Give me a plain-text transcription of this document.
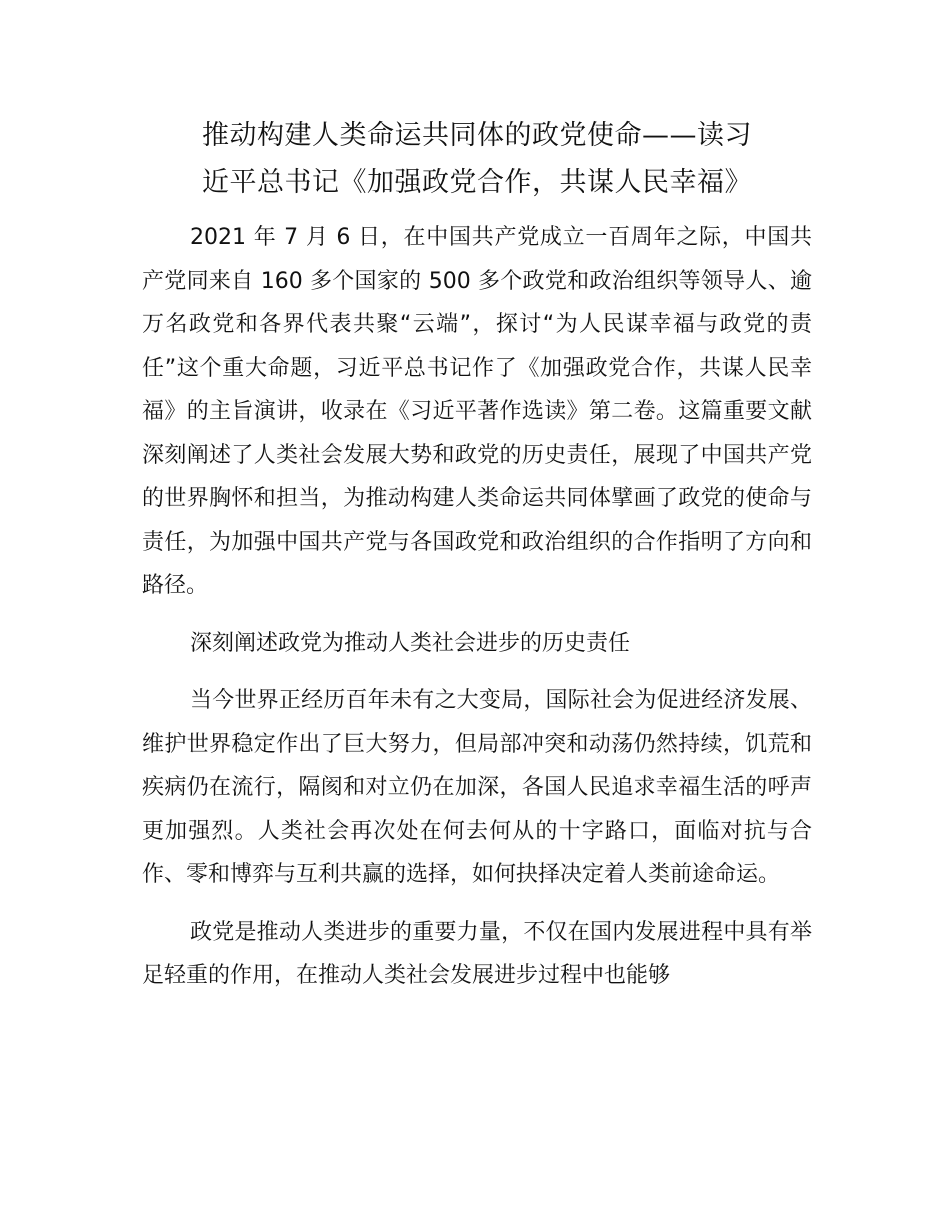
推动构建人类命运共同体的政党使命——读习
近平总书记《加强政党合作，共谋人民幸福》

2021 年 7 月 6 日，在中国共产党成立一百周年之际，中国共产党同来自 160 多个国家的 500 多个政党和政治组织等领导人、逾万名政党和各界代表共聚“云端”，探讨“为人民谋幸福与政党的责任”这个重大命题，习近平总书记作了《加强政党合作，共谋人民幸福》的主旨演讲，收录在《习近平著作选读》第二卷。这篇重要文献深刻阐述了人类社会发展大势和政党的历史责任，展现了中国共产党的世界胸怀和担当，为推动构建人类命运共同体擘画了政党的使命与责任，为加强中国共产党与各国政党和政治组织的合作指明了方向和路径。

深刻阐述政党为推动人类社会进步的历史责任

当今世界正经历百年未有之大变局，国际社会为促进经济发展、维护世界稳定作出了巨大努力，但局部冲突和动荡仍然持续，饥荒和疾病仍在流行，隔阂和对立仍在加深，各国人民追求幸福生活的呼声更加强烈。人类社会再次处在何去何从的十字路口，面临对抗与合作、零和博弈与互利共赢的选择，如何抉择决定着人类前途命运。

政党是推动人类进步的重要力量，不仅在国内发展进程中具有举足轻重的作用，在推动人类社会发展进步过程中也能够
